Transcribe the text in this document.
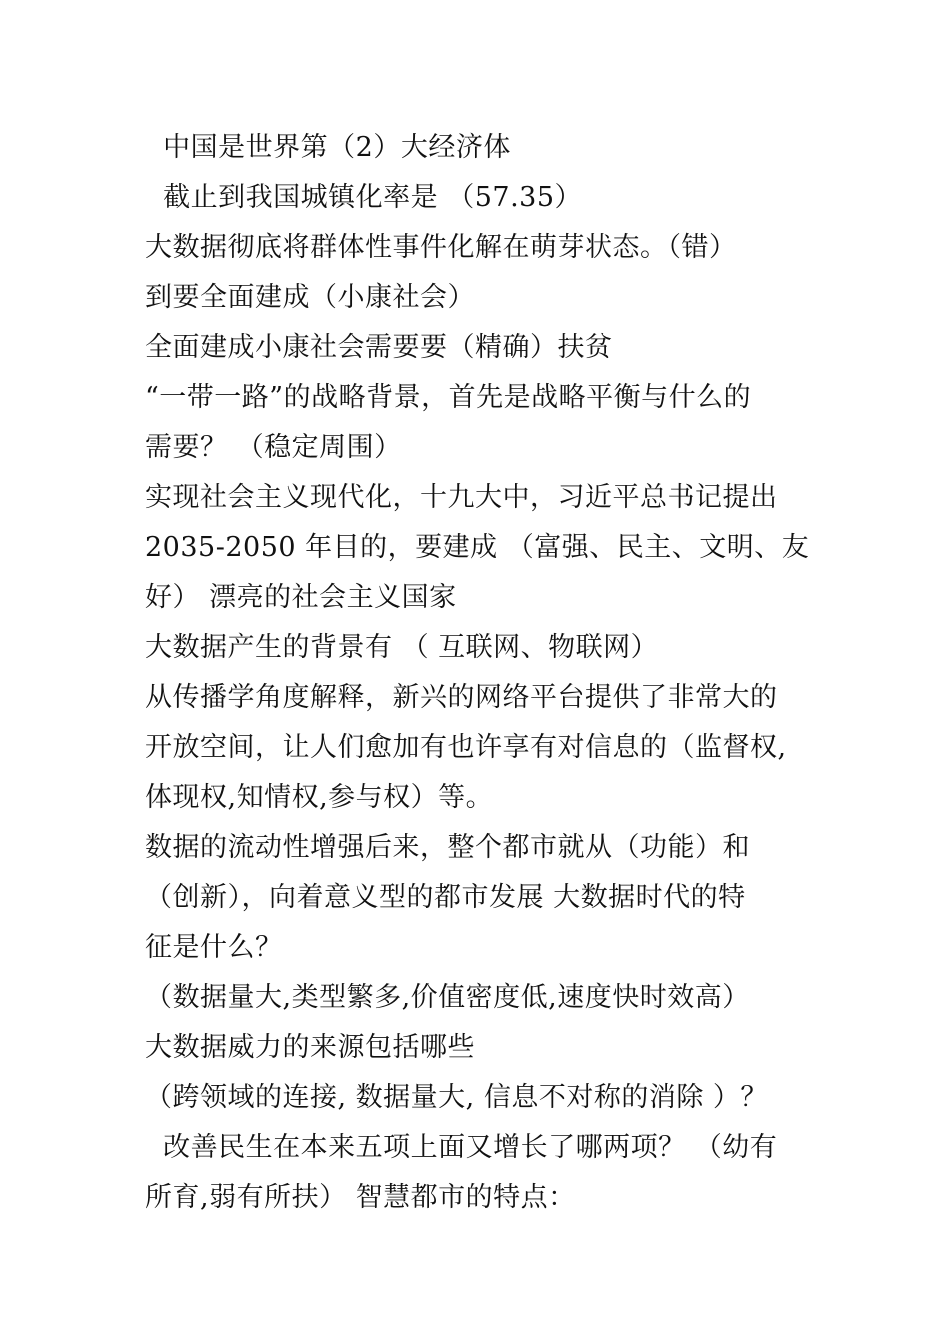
中国是世界第（2）大经济体
截止到我国城镇化率是 （57.35）
大数据彻底将群体性事件化解在萌芽状态。（错）
到要全面建成（小康社会）
全面建成小康社会需要要（精确）扶贫
“一带一路”的战略背景，首先是战略平衡与什么的
需要？ （稳定周围）
实现社会主义现代化，十九大中，习近平总书记提出
2035-2050 年目的，要建成 （富强、民主、文明、友
好） 漂亮的社会主义国家
大数据产生的背景有 （ 互联网、物联网）
从传播学角度解释，新兴的网络平台提供了非常大的
开放空间，让人们愈加有也许享有对信息的（监督权,
体现权,知情权,参与权）等。
数据的流动性增强后来，整个都市就从（功能）和
（创新），向着意义型的都市发展 大数据时代的特
征是什么？
（数据量大,类型繁多,价值密度低,速度快时效高）
大数据威力的来源包括哪些
（跨领域的连接, 数据量大, 信息不对称的消除 ）？
改善民生在本来五项上面又增长了哪两项？ （幼有
所育,弱有所扶） 智慧都市的特点：
